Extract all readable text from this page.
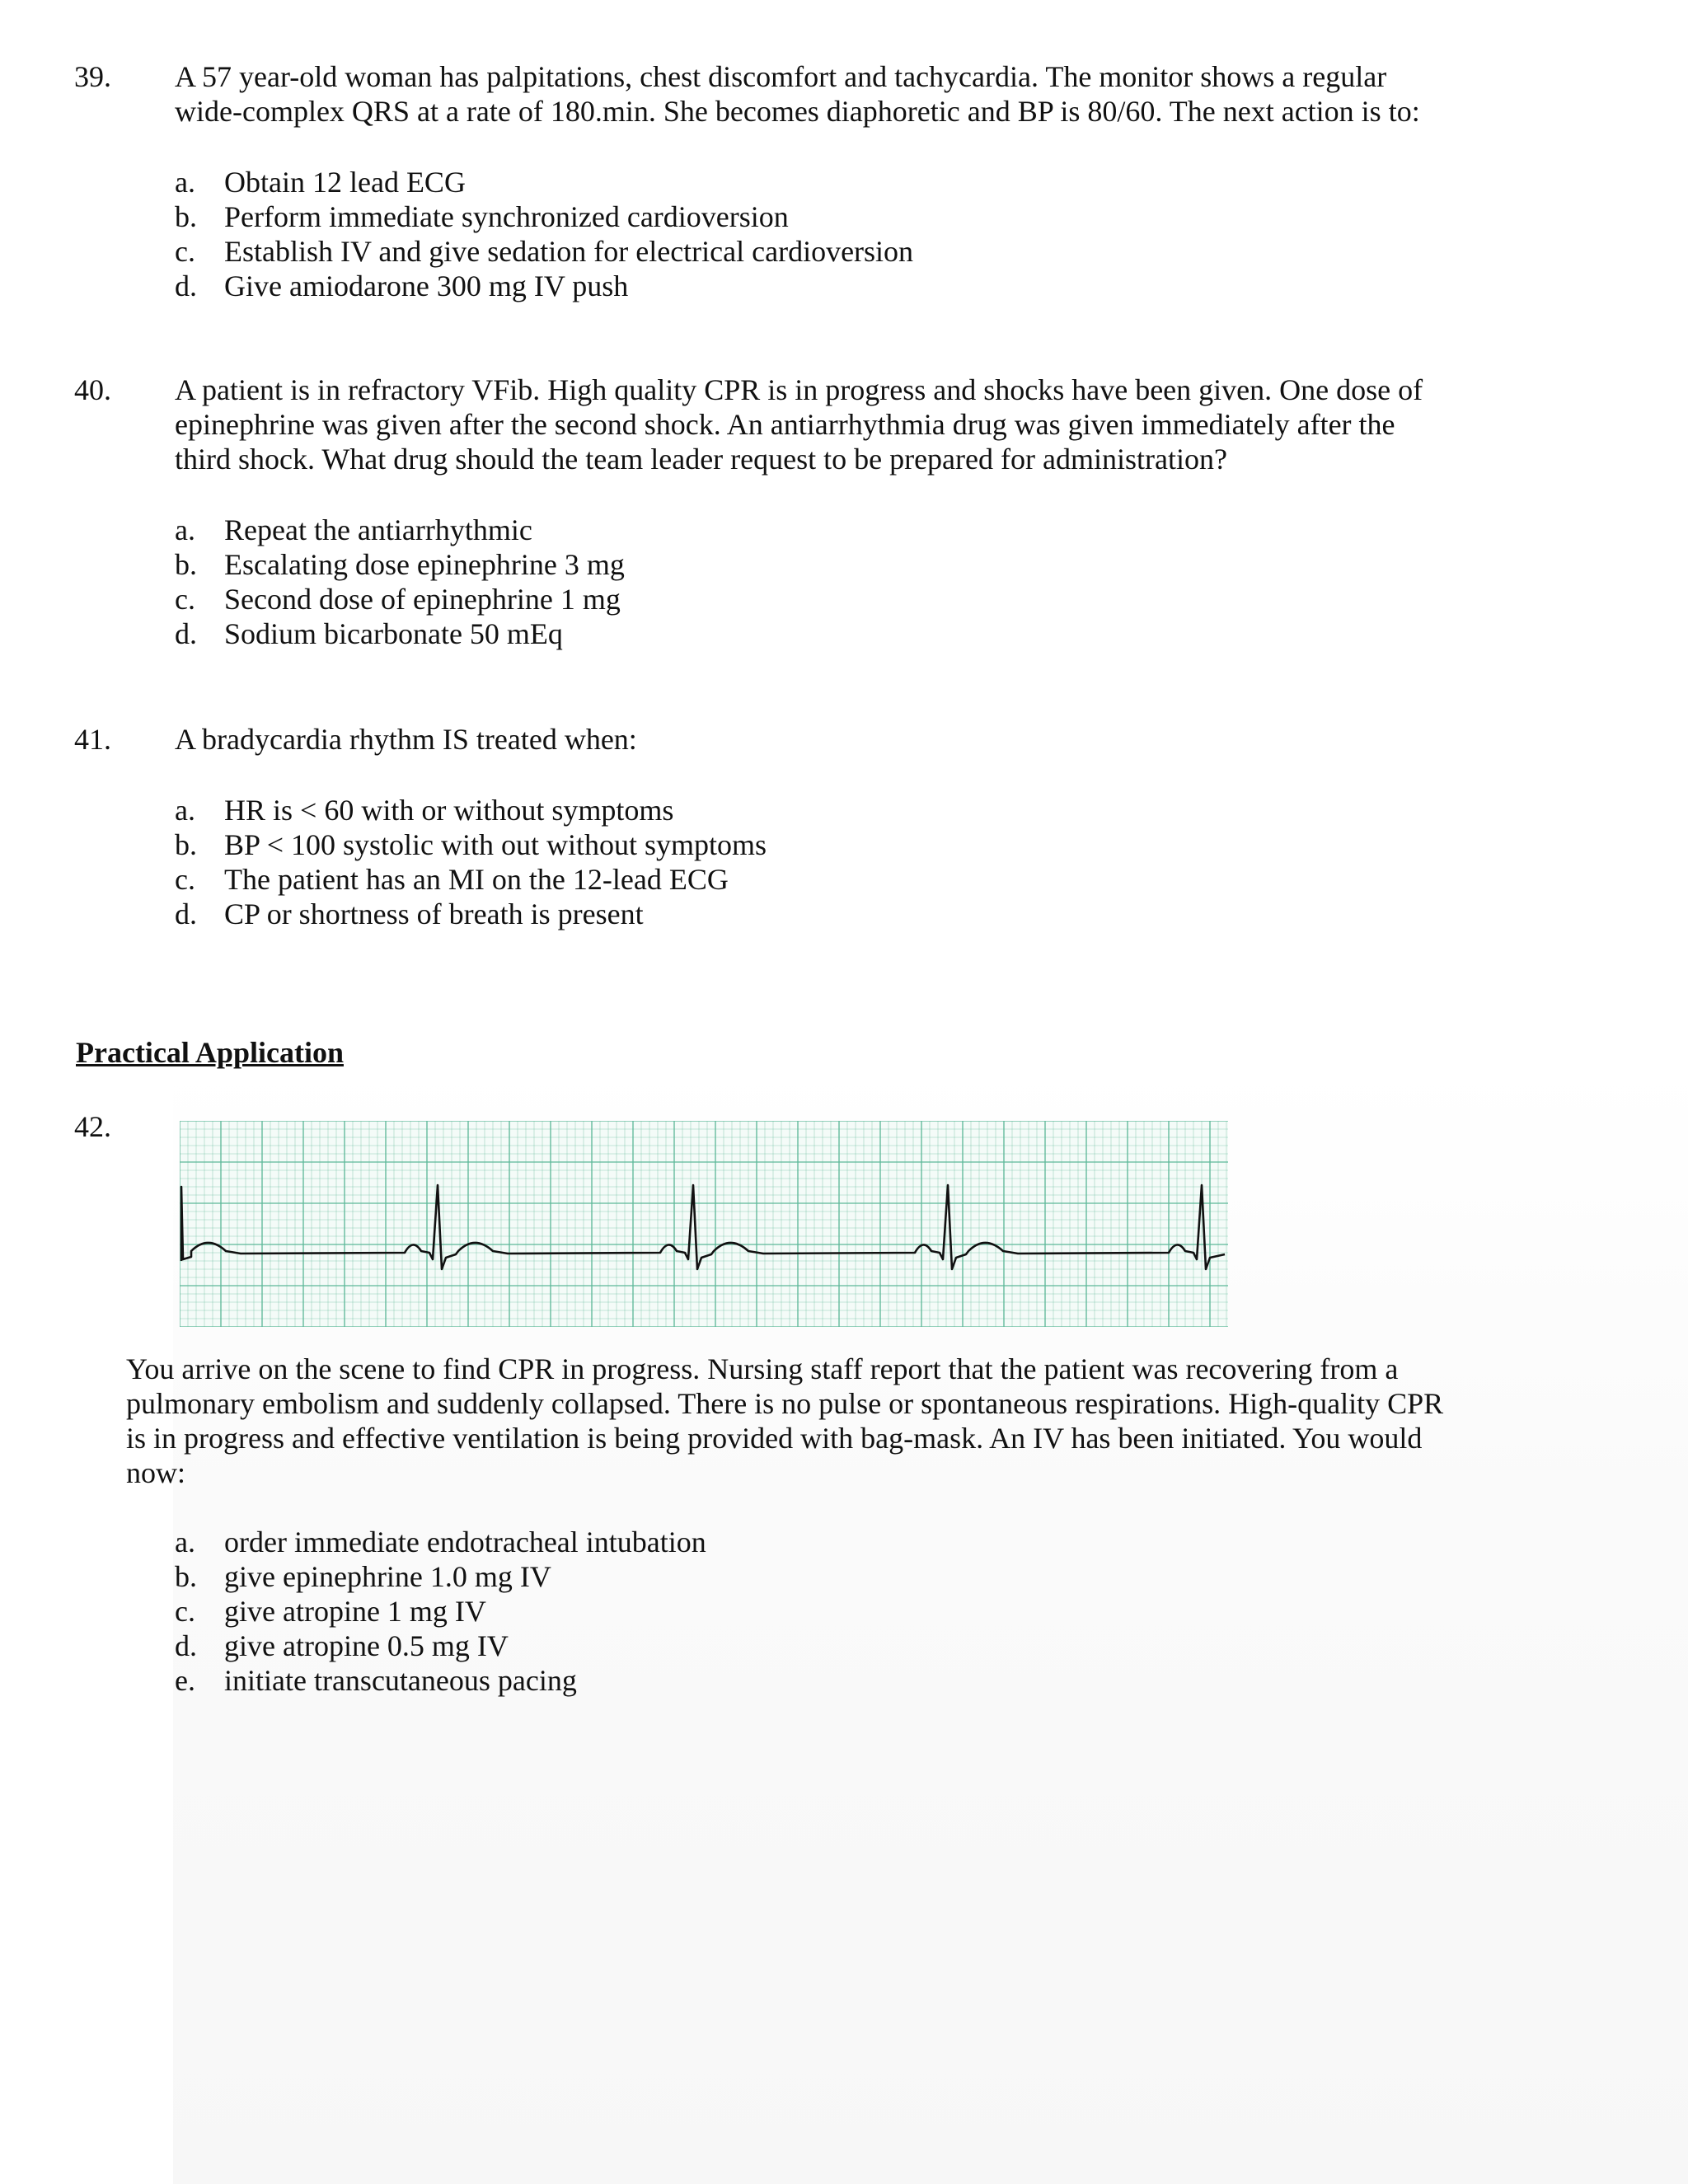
39. A 57 year-old woman has palpitations, chest discomfort and tachycardia. The monitor shows a regular
wide-complex QRS at a rate of 180.min. She becomes diaphoretic and BP is 80/60. The next action is to:
a. Obtain 12 lead ECG
b. Perform immediate synchronized cardioversion
c. Establish IV and give sedation for electrical cardioversion
d. Give amiodarone 300 mg IV push
40. A patient is in refractory VFib. High quality CPR is in progress and shocks have been given. One dose of
epinephrine was given after the second shock. An antiarrhythmia drug was given immediately after the
third shock. What drug should the team leader request to be prepared for administration?
a. Repeat the antiarrhythmic
b. Escalating dose epinephrine 3 mg
c. Second dose of epinephrine 1 mg
d. Sodium bicarbonate 50 mEq
41. A bradycardia rhythm IS treated when:
a. HR is < 60 with or without symptoms
b. BP < 100 systolic with out without symptoms
c. The patient has an MI on the 12-lead ECG
d. CP or shortness of breath is present
Practical Application
42.
You arrive on the scene to find CPR in progress. Nursing staff report that the patient was recovering from a
pulmonary embolism and suddenly collapsed. There is no pulse or spontaneous respirations. High-quality CPR
is in progress and effective ventilation is being provided with bag-mask. An IV has been initiated. You would
now:
a. order immediate endotracheal intubation
b. give epinephrine 1.0 mg IV
c. give atropine 1 mg IV
d. give atropine 0.5 mg IV
e. initiate transcutaneous pacing
